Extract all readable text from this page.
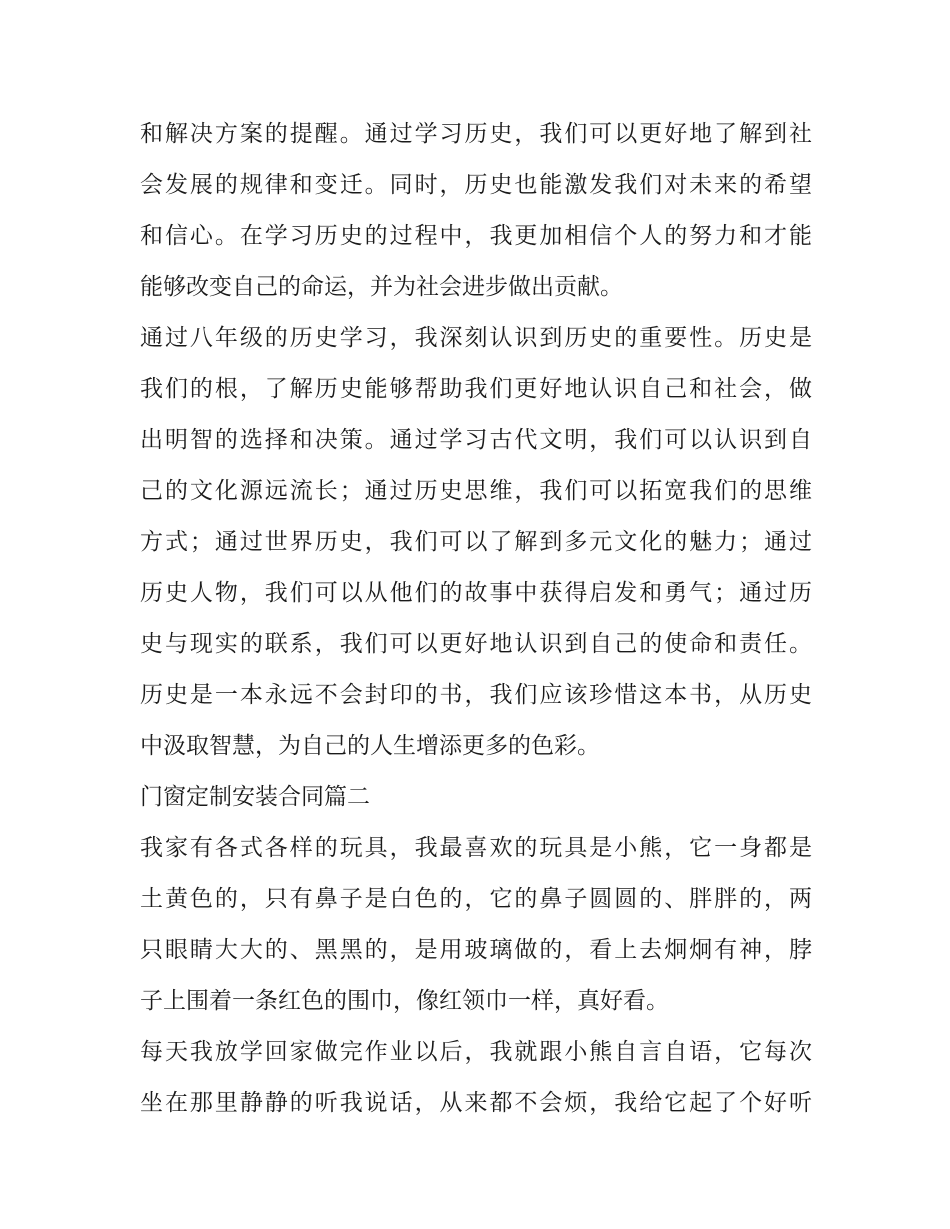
和解决方案的提醒。通过学习历史，我们可以更好地了解到社
会发展的规律和变迁。同时，历史也能激发我们对未来的希望
和信心。在学习历史的过程中，我更加相信个人的努力和才能
能够改变自己的命运，并为社会进步做出贡献。

通过八年级的历史学习，我深刻认识到历史的重要性。历史是
我们的根，了解历史能够帮助我们更好地认识自己和社会，做
出明智的选择和决策。通过学习古代文明，我们可以认识到自
己的文化源远流长；通过历史思维，我们可以拓宽我们的思维
方式；通过世界历史，我们可以了解到多元文化的魅力；通过
历史人物，我们可以从他们的故事中获得启发和勇气；通过历
史与现实的联系，我们可以更好地认识到自己的使命和责任。

历史是一本永远不会封印的书，我们应该珍惜这本书，从历史
中汲取智慧，为自己的人生增添更多的色彩。

门窗定制安装合同篇二

我家有各式各样的玩具，我最喜欢的玩具是小熊，它一身都是
土黄色的，只有鼻子是白色的，它的鼻子圆圆的、胖胖的，两
只眼睛大大的、黑黑的，是用玻璃做的，看上去炯炯有神，脖
子上围着一条红色的围巾，像红领巾一样，真好看。

每天我放学回家做完作业以后，我就跟小熊自言自语，它每次
坐在那里静静的听我说话，从来都不会烦，我给它起了个好听
